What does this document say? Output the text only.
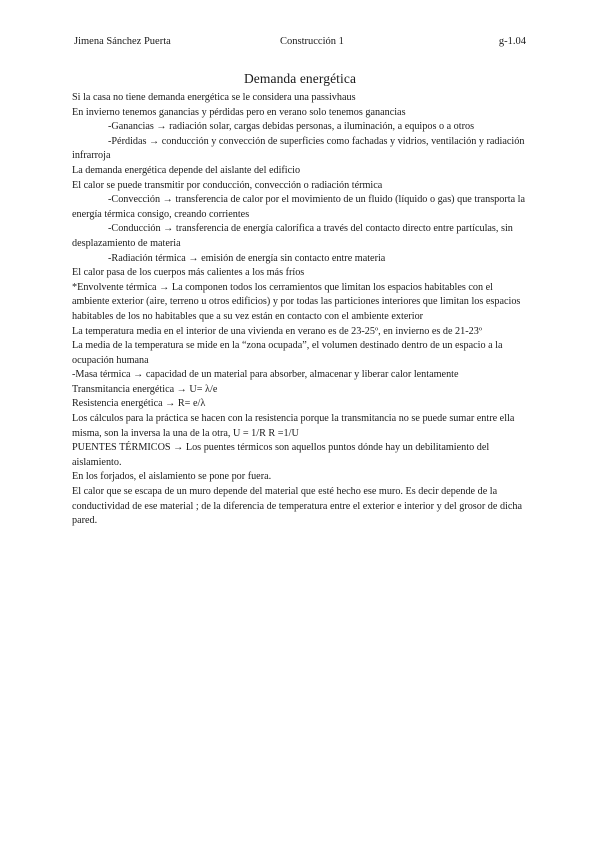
Jimena Sánchez Puerta	Construcción 1	g-1.04
Demanda energética

Si la casa no tiene demanda energética se le considera una passivhaus

En invierno tenemos ganancias y pérdidas pero en verano solo tenemos ganancias

-Ganancias → radiación solar, cargas debidas personas, a iluminación, a equipos o a otros

-Pérdidas → conducción y convección de superficies como fachadas y vidrios, ventilación y radiación infrarroja

La demanda energética depende del aislante del edificio

El calor se puede transmitir por conducción, convección o radiación térmica

-Convección → transferencia de calor por el movimiento de un fluido (líquido o gas) que transporta la energía térmica consigo, creando corrientes

-Conducción → transferencia de energía calorífica a través del contacto directo entre partículas, sin desplazamiento de materia

-Radiación térmica → emisión de energía sin contacto entre materia

El calor pasa de los cuerpos más calientes a los más fríos

*Envolvente térmica → La componen todos los cerramientos que limitan los espacios habitables con el ambiente exterior (aire, terreno u otros edificios) y por todas las particiones interiores que limitan los espacios habitables de los no habitables que a su vez están en contacto con el ambiente exterior

La temperatura media en el interior de una vivienda en verano es de 23-25º, en invierno es de 21-23º

La media de la temperatura se mide en la “zona ocupada”, el volumen destinado dentro de un espacio a la ocupación humana

-Masa térmica → capacidad de un material para absorber, almacenar y liberar calor lentamente

Transmitancia energética → U= λ/e

Resistencia energética → R= e/λ

Los cálculos para la práctica se hacen con la resistencia porque la transmitancia no se puede sumar entre ella misma, son la inversa la una de la otra, U = 1/R R =1/U

PUENTES TÉRMICOS → Los puentes térmicos son aquellos puntos dónde hay un debilitamiento del aislamiento.

En los forjados, el aislamiento se pone por fuera.

El calor que se escapa de un muro depende del material que esté hecho ese muro. Es decir depende de la conductividad de ese material ; de la diferencia de temperatura entre el exterior e interior y del grosor de dicha pared.
